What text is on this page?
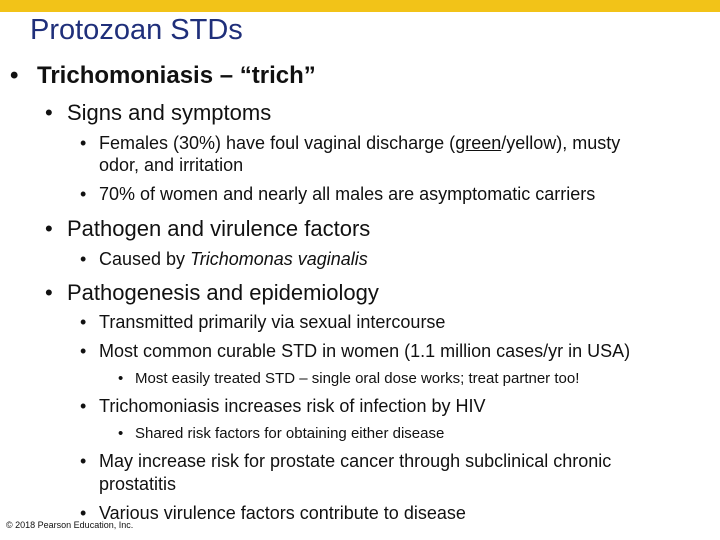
Protozoan STDs
• Trichomoniasis – “trich”
• Signs and symptoms
• Females (30%) have foul vaginal discharge (green/yellow), musty
odor, and irritation
• 70% of women and nearly all males are asymptomatic carriers
• Pathogen and virulence factors
• Caused by Trichomonas vaginalis
• Pathogenesis and epidemiology
• Transmitted primarily via sexual intercourse
• Most common curable STD in women (1.1 million cases/yr in USA)
• Most easily treated STD – single oral dose works; treat partner too!
• Trichomoniasis increases risk of infection by HIV
• Shared risk factors for obtaining either disease
• May increase risk for prostate cancer through subclinical chronic
prostatitis
• Various virulence factors contribute to disease
© 2018 Pearson Education, Inc.
